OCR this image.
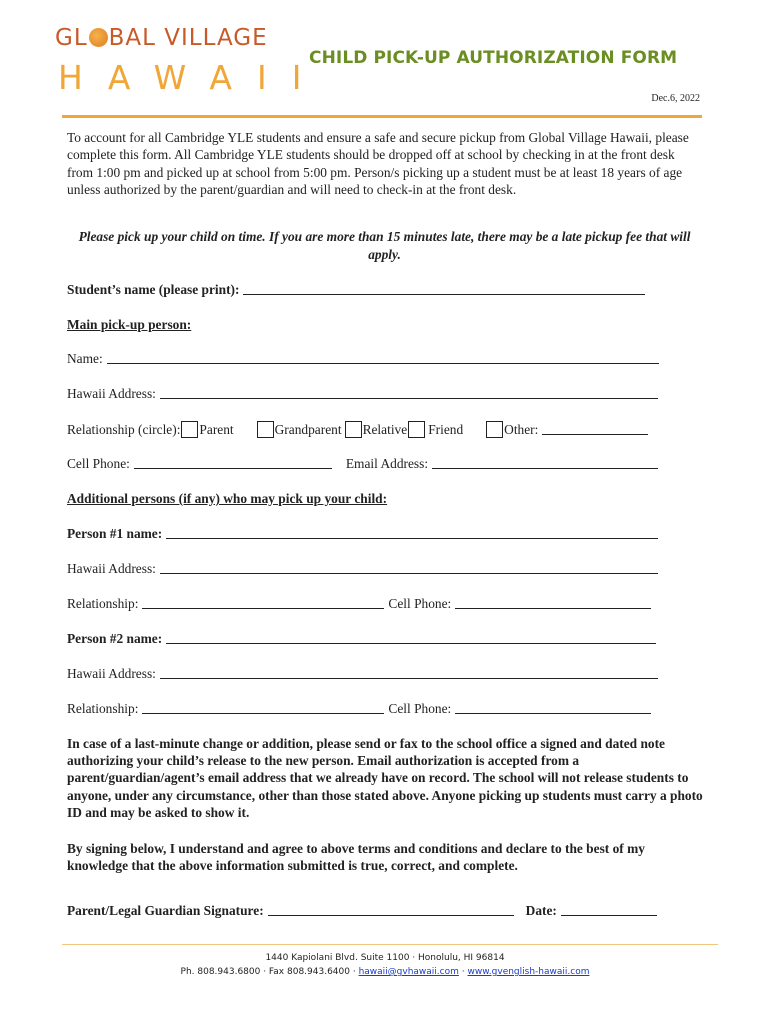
GL BAL VILLAGE
HAWAII
CHILD PICK-UP AUTHORIZATION FORM
Dec.6, 2022
To account for all Cambridge YLE students and ensure a safe and secure pickup from Global Village Hawaii, please complete this form. All Cambridge YLE students should be dropped off at school by checking in at the front desk from 1:00 pm and picked up at school from 5:00 pm. Person/s picking up a student must be at least 18 years of age unless authorized by the parent/guardian and will need to check-in at the front desk.
Please pick up your child on time. If you are more than 15 minutes late, there may be a late pickup fee that will apply.
Student’s name (please print):
Main pick-up person:
Name:
Hawaii Address:
Relationship (circle): Parent	Grandparent Relative Friend	Other:
Cell Phone:	Email Address:
Additional persons (if any) who may pick up your child:
Person #1 name:
Hawaii Address:
Relationship:	Cell Phone:
Person #2 name:
Hawaii Address:
Relationship:	Cell Phone:
In case of a last-minute change or addition, please send or fax to the school office a signed and dated note authorizing your child’s release to the new person. Email authorization is accepted from a parent/guardian/agent’s email address that we already have on record. The school will not release students to anyone, under any circumstance, other than those stated above. Anyone picking up students must carry a photo ID and may be asked to show it.
By signing below, I understand and agree to above terms and conditions and declare to the best of my knowledge that the above information submitted is true, correct, and complete.
Parent/Legal Guardian Signature:	Date:
1440 Kapiolani Blvd. Suite 1100 · Honolulu, HI 96814
Ph. 808.943.6800 · Fax 808.943.6400 · hawaii@gvhawaii.com · www.gvenglish-hawaii.com
